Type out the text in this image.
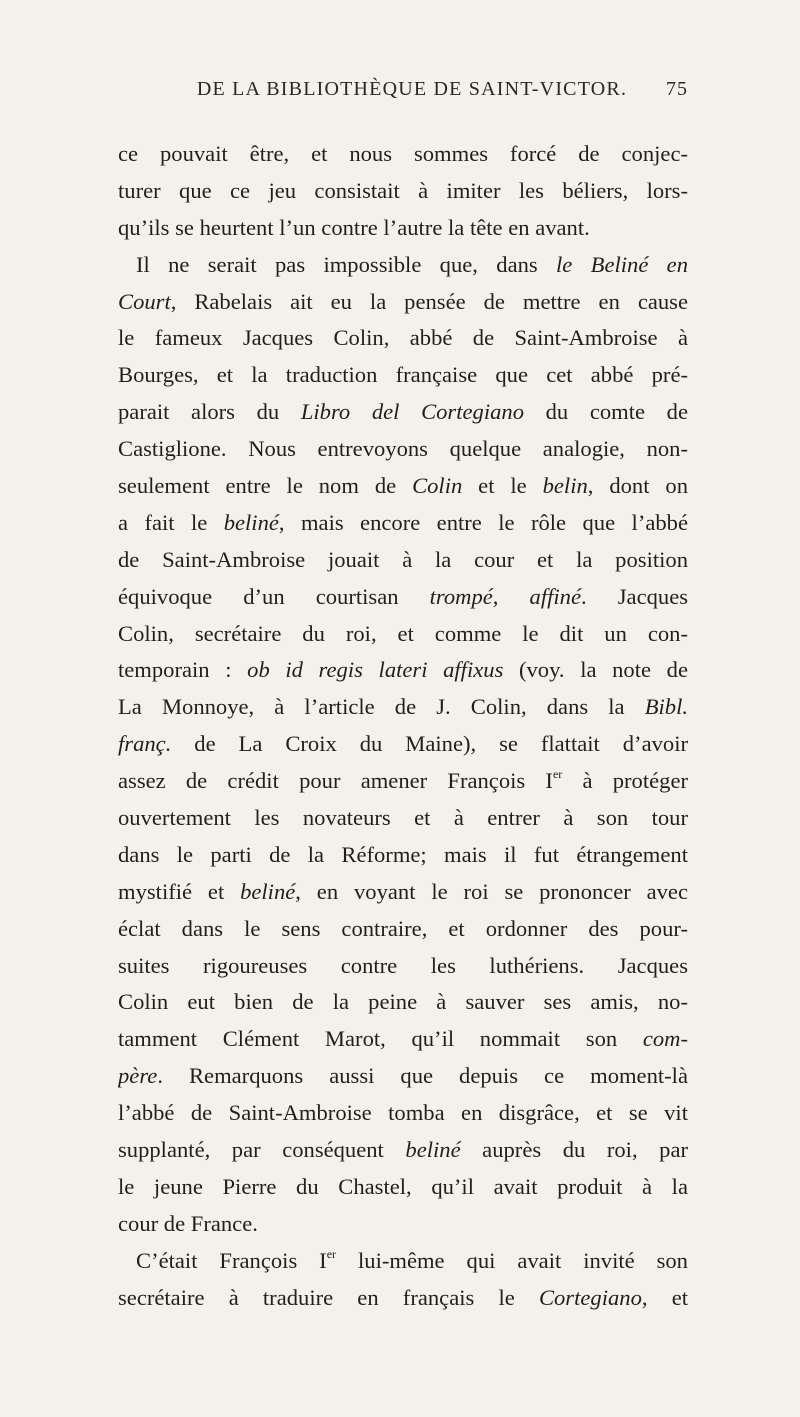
DE LA BIBLIOTHÈQUE DE SAINT-VICTOR.	75
ce pouvait être, et nous sommes forcé de conjec-
turer que ce jeu consistait à imiter les béliers, lors-
qu’ils se heurtent l’un contre l’autre la tête en avant.
Il ne serait pas impossible que, dans le Beliné en
Court, Rabelais ait eu la pensée de mettre en cause
le fameux Jacques Colin, abbé de Saint-Ambroise à
Bourges, et la traduction française que cet abbé pré-
parait alors du Libro del Cortegiano du comte de
Castiglione. Nous entrevoyons quelque analogie, non-
seulement entre le nom de Colin et le belin, dont on
a fait le beliné, mais encore entre le rôle que l’abbé
de Saint-Ambroise jouait à la cour et la position
équivoque d’un courtisan trompé, affiné. Jacques
Colin, secrétaire du roi, et comme le dit un con-
temporain : ob id regis lateri affixus (voy. la note de
La Monnoye, à l’article de J. Colin, dans la Bibl.
franç. de La Croix du Maine), se flattait d’avoir
assez de crédit pour amener François Ier à protéger
ouvertement les novateurs et à entrer à son tour
dans le parti de la Réforme; mais il fut étrangement
mystifié et beliné, en voyant le roi se prononcer avec
éclat dans le sens contraire, et ordonner des pour-
suites rigoureuses contre les luthériens. Jacques
Colin eut bien de la peine à sauver ses amis, no-
tamment Clément Marot, qu’il nommait son com-
père. Remarquons aussi que depuis ce moment-là
l’abbé de Saint-Ambroise tomba en disgrâce, et se vit
supplanté, par conséquent beliné auprès du roi, par
le jeune Pierre du Chastel, qu’il avait produit à la
cour de France.
C’était François Ier lui-même qui avait invité son
secrétaire à traduire en français le Cortegiano, et
